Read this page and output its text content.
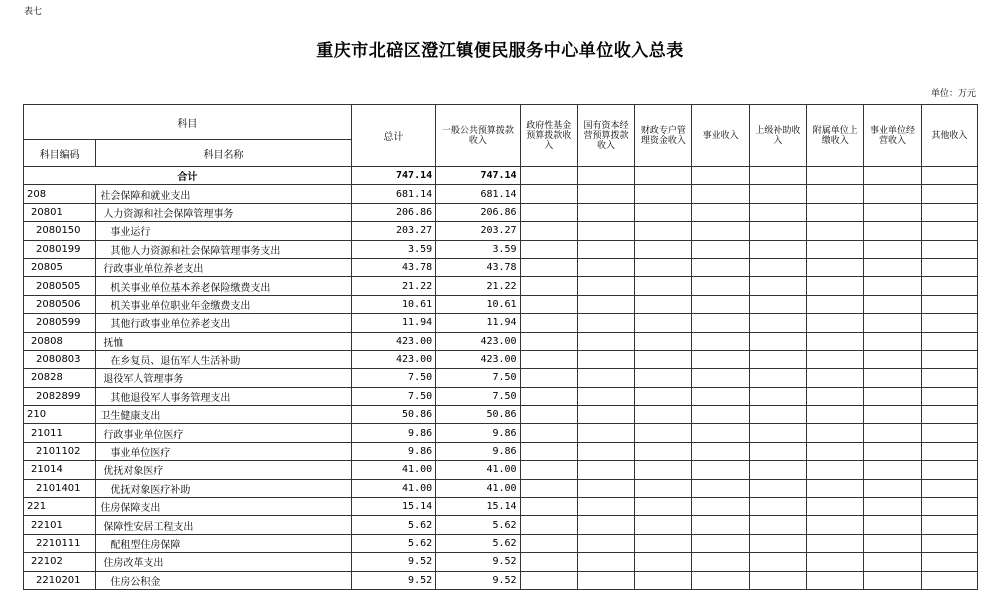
表七
重庆市北碚区澄江镇便民服务中心单位收入总表
单位：万元
科目		总计	一般公共预算拨款收入	政府性基金预算拨款收入	国有资本经营预算拨款收入	财政专户管理资金收入	事业收入	上级补助收入	附属单位上缴收入	事业单位经营收入	其他收入
科目编码	科目名称										
合计		747.14	747.14								
208	社会保障和就业支出	681.14	681.14								
20801	人力资源和社会保障管理事务	206.86	206.86								
2080150	事业运行	203.27	203.27								
2080199	其他人力资源和社会保障管理事务支出	3.59	3.59								
20805	行政事业单位养老支出	43.78	43.78								
2080505	机关事业单位基本养老保险缴费支出	21.22	21.22								
2080506	机关事业单位职业年金缴费支出	10.61	10.61								
2080599	其他行政事业单位养老支出	11.94	11.94								
20808	抚恤	423.00	423.00								
2080803	在乡复员、退伍军人生活补助	423.00	423.00								
20828	退役军人管理事务	7.50	7.50								
2082899	其他退役军人事务管理支出	7.50	7.50								
210	卫生健康支出	50.86	50.86								
21011	行政事业单位医疗	9.86	9.86								
2101102	事业单位医疗	9.86	9.86								
21014	优抚对象医疗	41.00	41.00								
2101401	优抚对象医疗补助	41.00	41.00								
221	住房保障支出	15.14	15.14								
22101	保障性安居工程支出	5.62	5.62								
2210111	配租型住房保障	5.62	5.62								
22102	住房改革支出	9.52	9.52								
2210201	住房公积金	9.52	9.52								
